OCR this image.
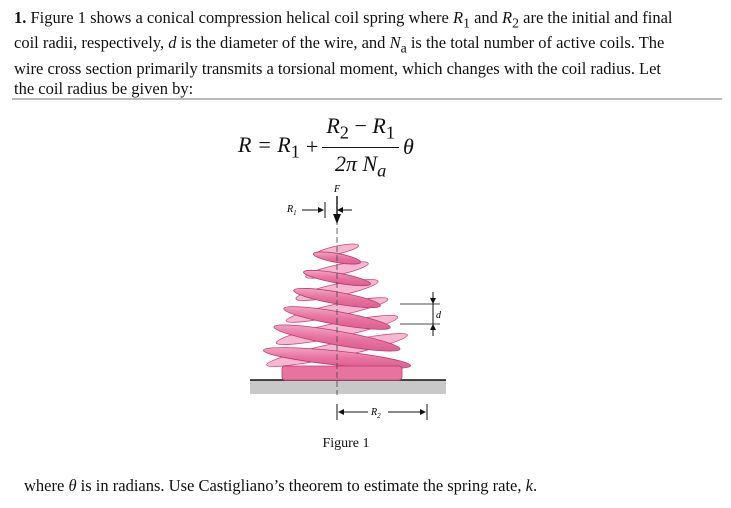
1. Figure 1 shows a conical compression helical coil spring where $R_1$ and $R_2$ are the initial and final coil radii, respectively, d is the diameter of the wire, and $N_a$ is the total number of active coils. The wire cross section primarily transmits a torsional moment, which changes with the coil radius. Let the coil radius be given by:

$R = R_1 + \frac{R_2 - R_1}{2\pi N_a}$ θ
F
$R_1$
d
$R_2$
Figure 1

where θ is in radians. Use Castigliano’s theorem to estimate the spring rate, k.
